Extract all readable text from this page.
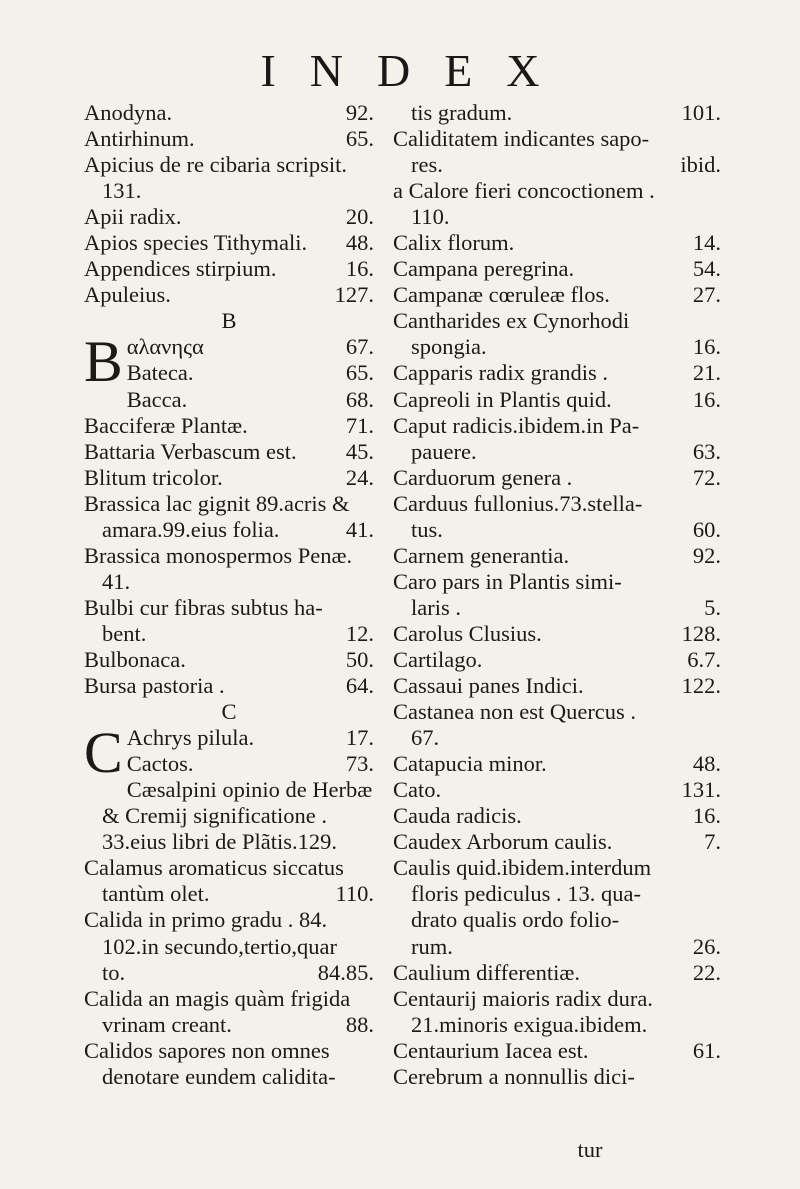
INDEX
Anodyna.	92.
Antirhinum.	65.
Apicius de re cibaria scripsit.
131.
Apii radix.	20.
Apios species Tithymali.	48.
Appendices stirpium.	16.
Apuleius.	127.
B
B αλανηςα	67.
Bateca.	65.
Bacca.	68.
Bacciferæ Plantæ.	71.
Battaria Verbascum est.	45.
Blitum tricolor.	24.
Brassica lac gignit 89.acris &
amara.99.eius folia.	41.
Brassica monospermos Penæ.
41.
Bulbi cur fibras subtus ha-
bent.	12.
Bulbonaca.	50.
Bursa pastoria .	64.
C
C Achrys pilula.	17.
Cactos.	73.
Cæsalpini opinio de Herbæ
& Cremij significatione .
33.eius libri de Plãtis.129.
Calamus aromaticus siccatus
tantùm olet.	110.
Calida in primo gradu . 84.
102.in secundo,tertio,quar
to.	84.85.
Calida an magis quàm frigida
vrinam creant.	88.
Calidos sapores non omnes
denotare eundem calidita-
tis gradum.	101.
Caliditatem indicantes sapo-
res.	ibid.
a Calore fieri concoctionem .
110.
Calix florum.	14.
Campana peregrina.	54.
Campanæ cœruleæ flos.	27.
Cantharides ex Cynorhodi
spongia.	16.
Capparis radix grandis .	21.
Capreoli in Plantis quid.	16.
Caput radicis.ibidem.in Pa-
pauere.	63.
Carduorum genera .	72.
Carduus fullonius.73.stella-
tus.	60.
Carnem generantia.	92.
Caro pars in Plantis simi-
laris .	5.
Carolus Clusius.	128.
Cartilago.	6.7.
Cassaui panes Indici.	122.
Castanea non est Quercus .
67.
Catapucia minor.	48.
Cato.	131.
Cauda radicis.	16.
Caudex Arborum caulis.	7.
Caulis quid.ibidem.interdum
floris pediculus . 13. qua-
drato qualis ordo folio-
rum.	26.
Caulium differentiæ.	22.
Centaurij maioris radix dura.
21.minoris exigua.ibidem.
Centaurium Iacea est.	61.
Cerebrum a nonnullis dici-
tur
